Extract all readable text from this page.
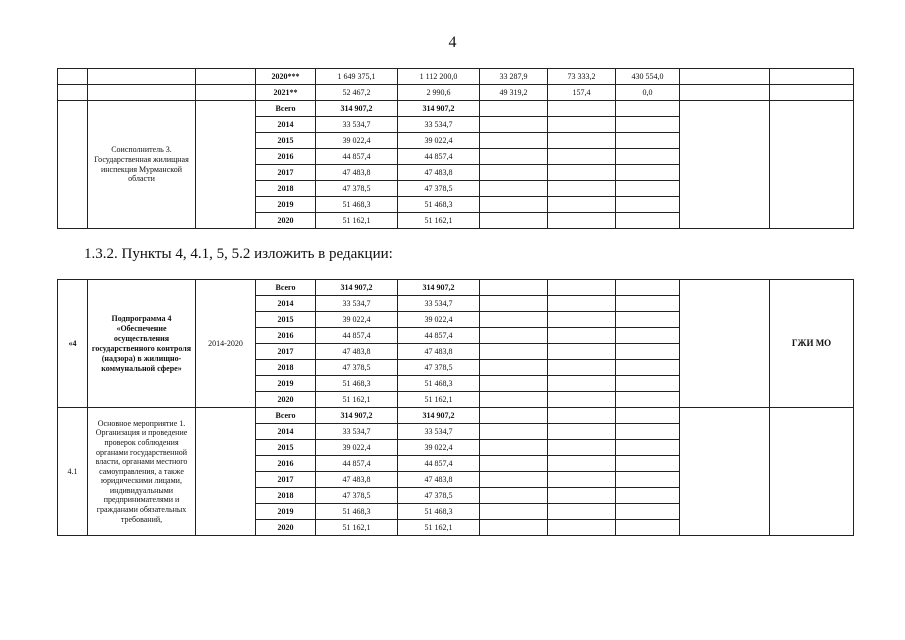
4
			2020***	1 649 375,1	1 112 200,0	33 287,9	73 333,2	430 554,0		
			2021**	52 467,2	2 990,6	49 319,2	157,4	0,0		
	Соисполнитель 3. Государственная жилищная инспекция Мурманской области		Всего	314 907,2	314 907,2					
			2014	33 534,7	33 534,7					
			2015	39 022,4	39 022,4					
			2016	44 857,4	44 857,4					
			2017	47 483,8	47 483,8					
			2018	47 378,5	47 378,5					
			2019	51 468,3	51 468,3					
			2020	51 162,1	51 162,1					
1.3.2. Пункты 4, 4.1, 5, 5.2 изложить в редакции:
«4	Подпрограмма 4 «Обеспечение осуществления государственного контроля (надзора) в жилищно-коммунальной сфере»	2014-2020	Всего	314 907,2	314 907,2					ГЖИ МО
			2014	33 534,7	33 534,7					
			2015	39 022,4	39 022,4					
			2016	44 857,4	44 857,4					
			2017	47 483,8	47 483,8					
			2018	47 378,5	47 378,5					
			2019	51 468,3	51 468,3					
			2020	51 162,1	51 162,1					
4.1	Основное мероприятие 1. Организация и проведение проверок соблюдения органами государственной власти, органами местного самоуправления, а также юридическими лицами, индивидуальными предпринимателями и гражданами обязательных требований,		Всего	314 907,2	314 907,2					
			2014	33 534,7	33 534,7					
			2015	39 022,4	39 022,4					
			2016	44 857,4	44 857,4					
			2017	47 483,8	47 483,8					
			2018	47 378,5	47 378,5					
			2019	51 468,3	51 468,3					
			2020	51 162,1	51 162,1					
